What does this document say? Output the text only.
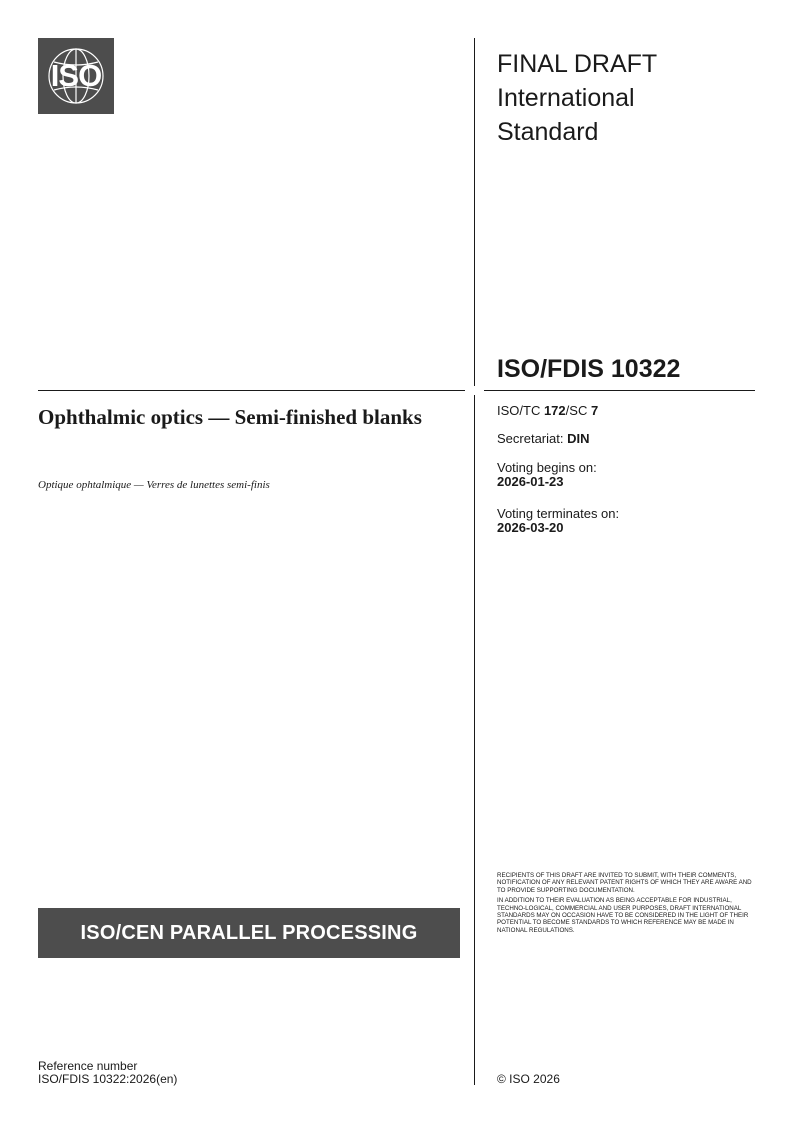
ISO	FINAL DRAFT
International
Standard
ISO/FDIS 10322
Ophthalmic optics — Semi-finished blanks
Optique ophtalmique — Verres de lunettes semi-finis
ISO/TC 172/SC 7
Secretariat: DIN
Voting begins on:
2026-01-23
Voting terminates on:
2026-03-20

RECIPIENTS OF THIS DRAFT ARE INVITED TO SUBMIT, WITH THEIR COMMENTS, NOTIFICATION OF ANY RELEVANT PATENT RIGHTS OF WHICH THEY ARE AWARE AND TO PROVIDE SUPPORTING DOCUMENTATION.

IN ADDITION TO THEIR EVALUATION AS BEING ACCEPTABLE FOR INDUSTRIAL, TECHNO-LOGICAL, COMMERCIAL AND USER PURPOSES, DRAFT INTERNATIONAL STANDARDS MAY ON OCCASION HAVE TO BE CONSIDERED IN THE LIGHT OF THEIR POTENTIAL TO BECOME STANDARDS TO WHICH REFERENCE MAY BE MADE IN NATIONAL REGULATIONS.

ISO/CEN PARALLEL PROCESSING
Reference number
ISO/FDIS 10322:2026(en)	© ISO 2026
